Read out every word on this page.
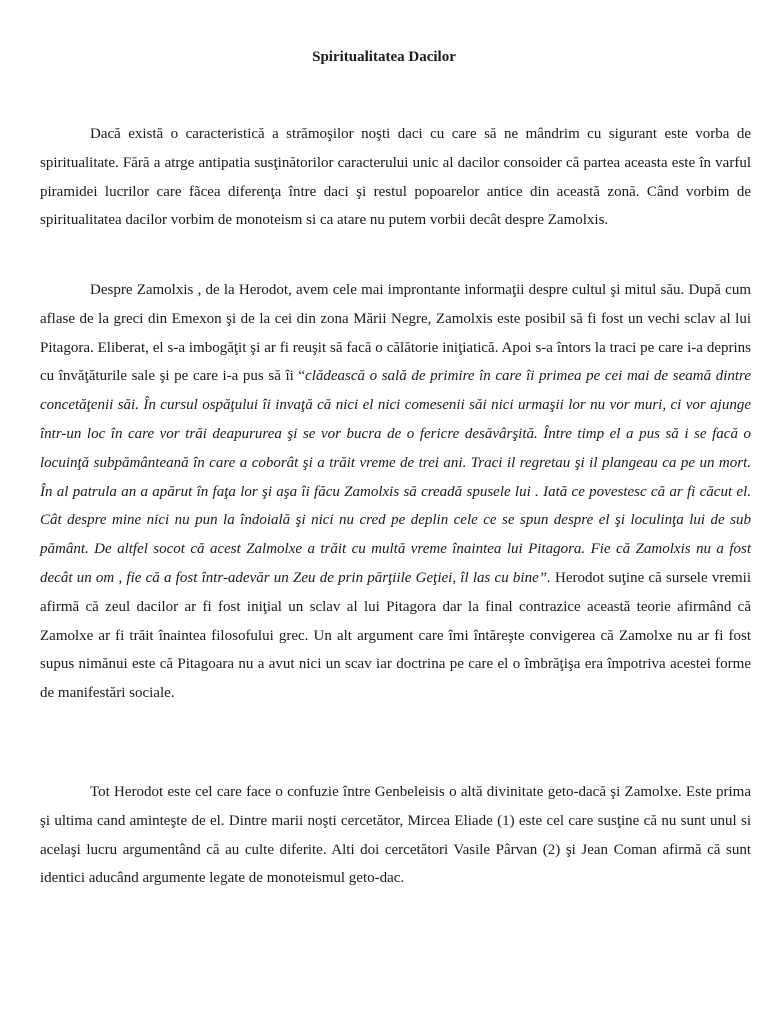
Spiritualitatea Dacilor

Dacă există o caracteristică a strămoşilor noşti daci cu care să ne mândrim cu sigurant este vorba de spiritualitate. Fără a atrge antipatia susţinătorilor caracterului unic al dacilor consoider că partea aceasta este în varful piramidei lucrilor care fãcea diferenţa între daci şi restul popoarelor antice din această zonă. Când vorbim de spiritualitatea dacilor vorbim de monoteism si ca atare nu putem vorbii decât despre Zamolxis.

Despre Zamolxis , de la Herodot, avem cele mai improntante informaţii despre cultul şi mitul său. După cum aflase de la greci din Emexon şi de la cei din zona Mării Negre, Zamolxis este posibil să fi fost un vechi sclav al lui Pitagora. Eliberat, el s-a imbogăţit şi ar fi reuşit să facă o călătorie iniţiatică. Apoi s-a întors la traci pe care i-a deprins cu învăţăturile sale şi pe care i-a pus să îi “clădească o sală de primire în care îi primea pe cei mai de seamă dintre concetăţenii săi. În cursul ospăţului îi invaţă că nici el nici comesenii săi nici urmaşii lor nu vor muri, ci vor ajunge într-un loc în care vor trăi deapururea şi se vor bucra de o fericre desăvârşită. Între timp el a pus să i se facă o locuinţă subpământeană în care a coborât şi a trăit vreme de trei ani. Traci il regretau şi il plangeau ca pe un mort. În al patrula an a apărut în faţa lor şi aşa îi făcu Zamolxis să creadă spusele lui . Iată ce povestesc că ar fi căcut el. Cât despre mine nici nu pun la îndoială şi nici nu cred pe deplin cele ce se spun despre el şi loculinţa lui de sub pământ. De altfel socot că acest Zalmolxe a trăit cu multă vreme înaintea lui Pitagora. Fie că Zamolxis nu a fost decât un om , fie că a fost într-adevăr un Zeu de prin părţiile Geţiei, îl las cu bine”. Herodot suţine că sursele vremii afirmă că zeul dacilor ar fi fost iniţial un sclav al lui Pitagora dar la final contrazice această teorie afirmând că Zamolxe ar fi trăit înaintea filosofului grec. Un alt argument care îmi întăreşte convigerea că Zamolxe nu ar fi fost supus nimănui este că Pitagoara nu a avut nici un scav iar doctrina pe care el o îmbrăţişa era împotriva acestei forme de manifestări sociale.

Tot Herodot este cel care face o confuzie între Genbeleisis o altă divinitate geto-dacă şi Zamolxe. Este prima şi ultima cand aminteşte de el. Dintre marii noşti cercetător, Mircea Eliade (1) este cel care susţine că nu sunt unul si acelaşi lucru argumentând că au culte diferite. Alti doi cercetători Vasile Pârvan (2) şi Jean Coman afirmă că sunt identici aducând argumente legate de monoteismul geto-dac.
